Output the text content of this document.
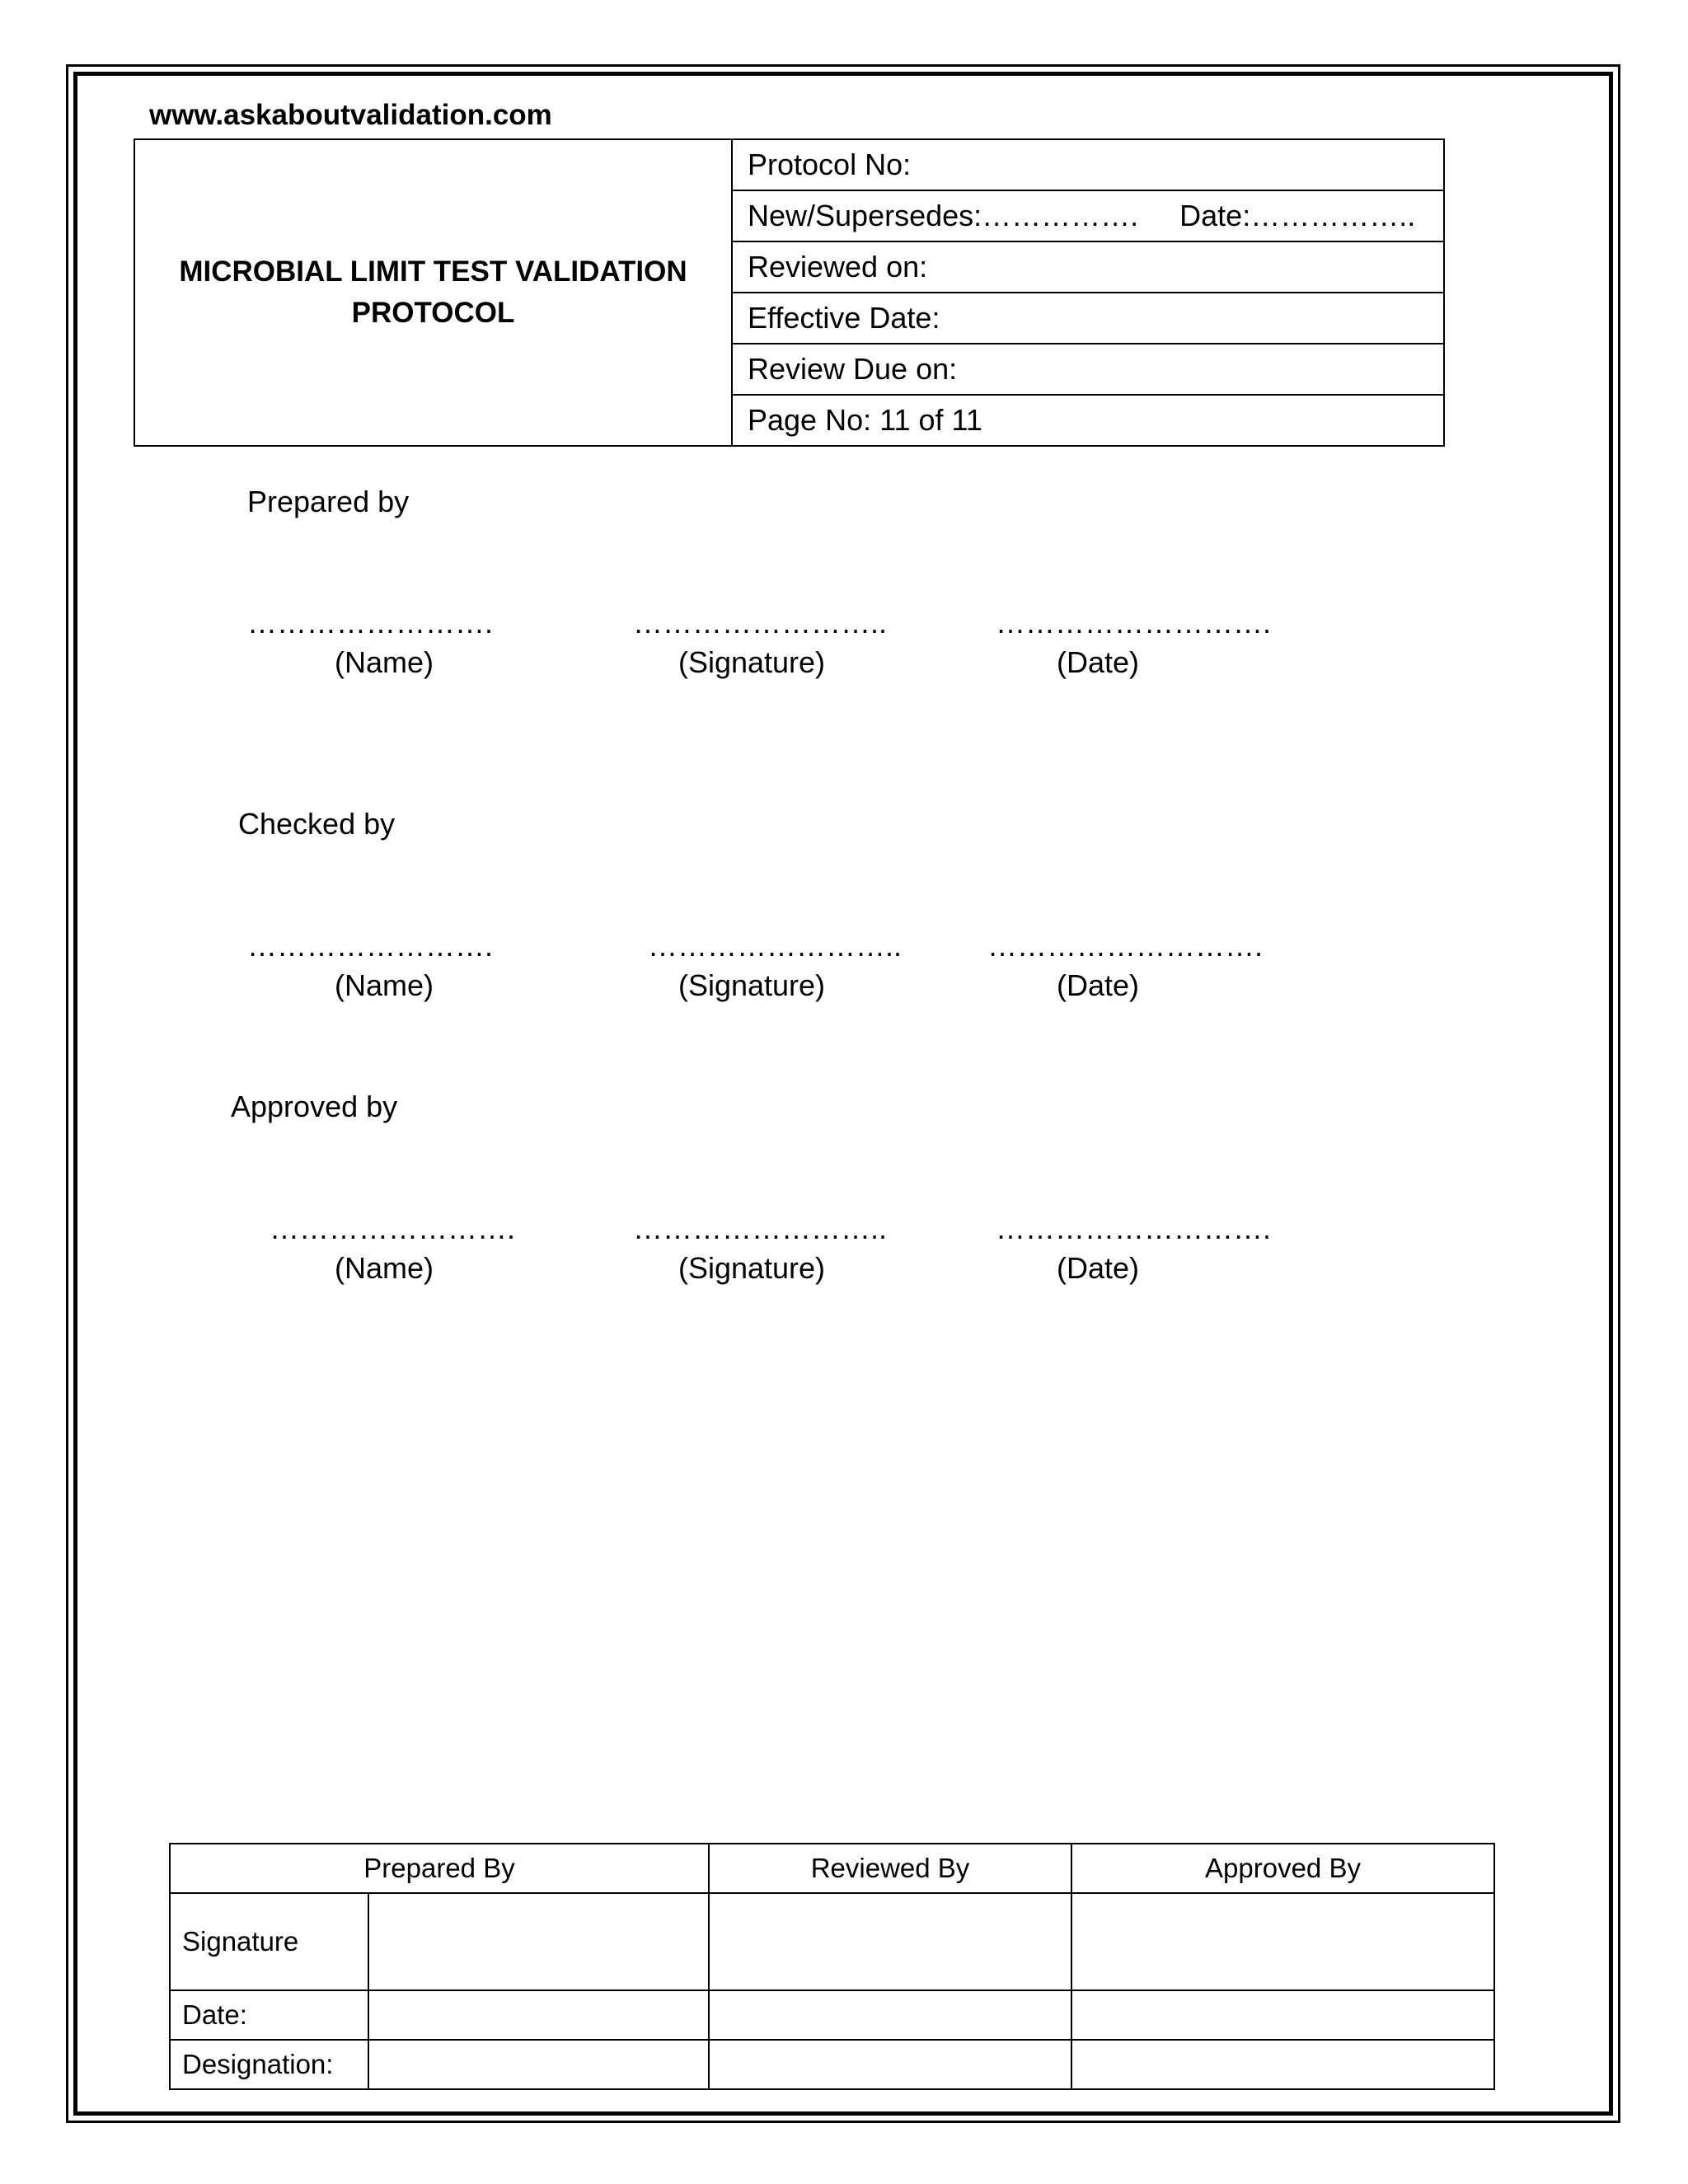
www.askaboutvalidation.com
MICROBIAL LIMIT TEST VALIDATION
PROTOCOL
	Protocol No:
New/Supersedes:……………. Date:……………..
Reviewed on:
Effective Date:
Review Due on:
Page No: 11 of 11
Prepared by
…………………….	……………………..	……………………….
(Name)	(Signature)	(Date)
Checked by
…………………….	……………………..	……………………….
(Name)	(Signature)	(Date)
Approved by
…………………….	……………………..	……………………….
(Name)	(Signature)	(Date)
Prepared By		Reviewed By	Approved By
Signature			
Date:			
Designation:			
